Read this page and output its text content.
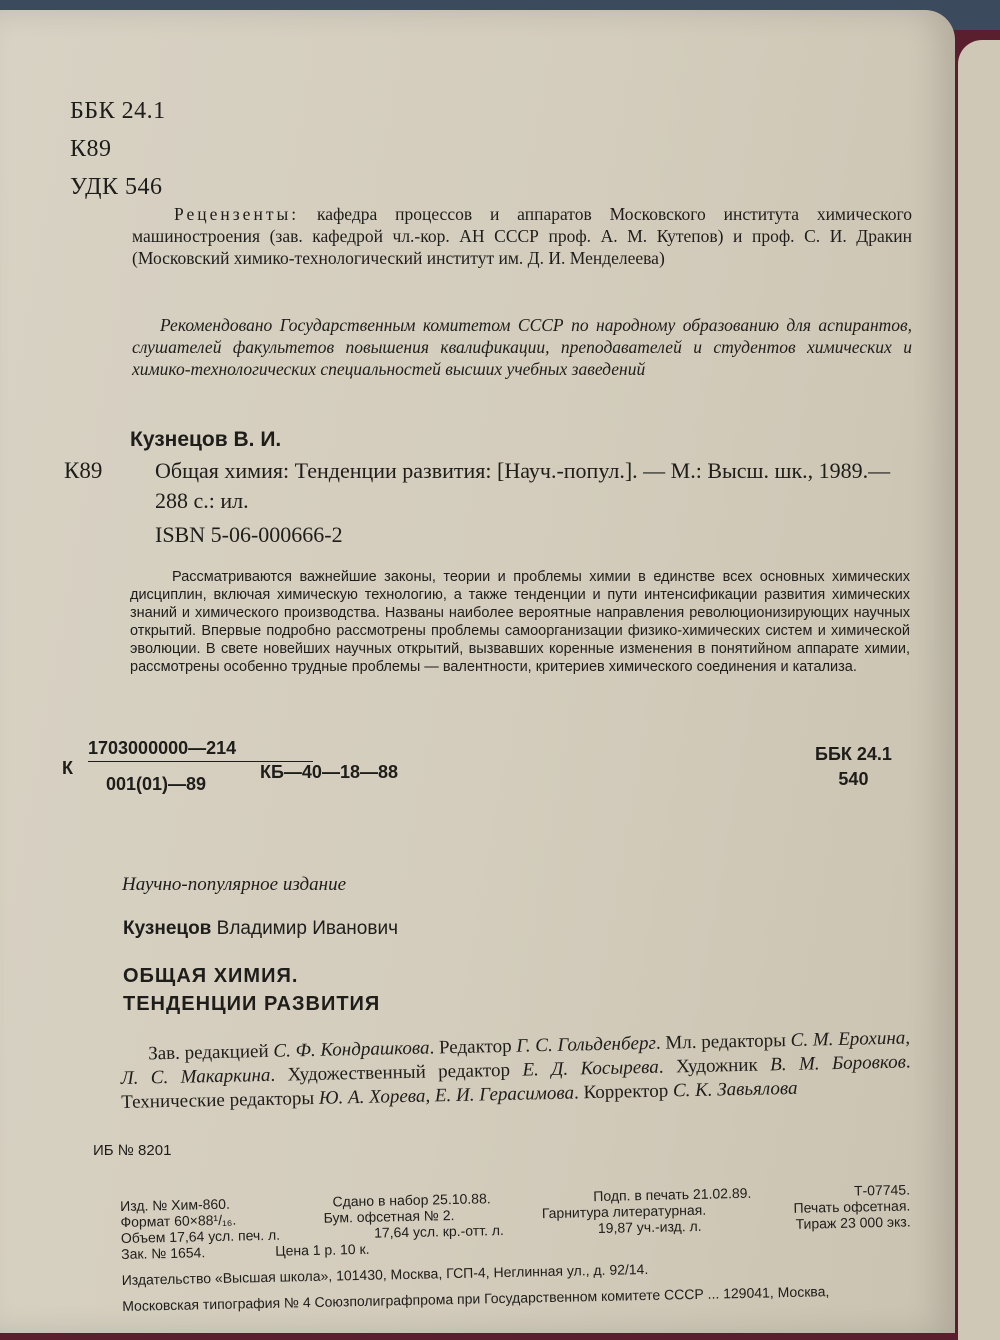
ББК 24.1
К89
УДК 546
Рецензенты: кафедра процессов и аппаратов Московского института химического машиностроения (зав. кафедрой чл.-кор. АН СССР проф. А. М. Кутепов) и проф. С. И. Дракин (Московский химико-технологический институт им. Д. И. Менделеева)
Рекомендовано Государственным комитетом СССР по народному образованию для аспирантов, слушателей факультетов повышения квалификации, преподавателей и студентов химических и химико-технологических специальностей высших учебных заведений
Кузнецов В. И.
К89 Общая химия: Тенденции развития: [Науч.-попул.]. — М.: Высш. шк., 1989.— 288 с.: ил.
ISBN 5-06-000666-2
Рассматриваются важнейшие законы, теории и проблемы химии в единстве всех основных химических дисциплин, включая химическую технологию, а также тенденции и пути интенсификации развития химических знаний и химического производства. Названы наиболее вероятные направления революционизирующих научных открытий. Впервые подробно рассмотрены проблемы самоорганизации физико-химических систем и химической эволюции. В свете новейших научных открытий, вызвавших коренные изменения в понятийном аппарате химии, рассмотрены особенно трудные проблемы — валентности, критериев химического соединения и катализа.
К
1703000000—214
001(01)—89
КБ—40—18—88
ББК 24.1
540
Научно-популярное издание
Кузнецов Владимир Иванович
ОБЩАЯ ХИМИЯ.
ТЕНДЕНЦИИ РАЗВИТИЯ
Зав. редакцией С. Ф. Кондрашкова. Редактор Г. С. Гольденберг. Мл. редакторы С. М. Ерохина, Л. С. Макаркина. Художественный редактор Е. Д. Косырева. Художник В. М. Боровков. Технические редакторы Ю. А. Хорева, Е. И. Герасимова. Корректор С. К. Завьялова
ИБ № 8201
Изд. № Хим-860.	Сдано в набор 25.10.88.	Подп. в печать 21.02.89.	Т-07745.
Формат 60×88¹/₁₆.	Бум. офсетная № 2.	Гарнитура литературная.	Печать офсетная.
Объем 17,64 усл. печ. л.	17,64 усл. кр.-отт. л.	19,87 уч.-изд. л.	Тираж 23 000 экз.
Зак. № 1654.	Цена 1 р. 10 к.
Издательство «Высшая школа», 101430, Москва, ГСП-4, Неглинная ул., д. 92/14.
Московская типография № 4 Союзполиграфпрома при Государственном комитете СССР ... 129041, Москва,
